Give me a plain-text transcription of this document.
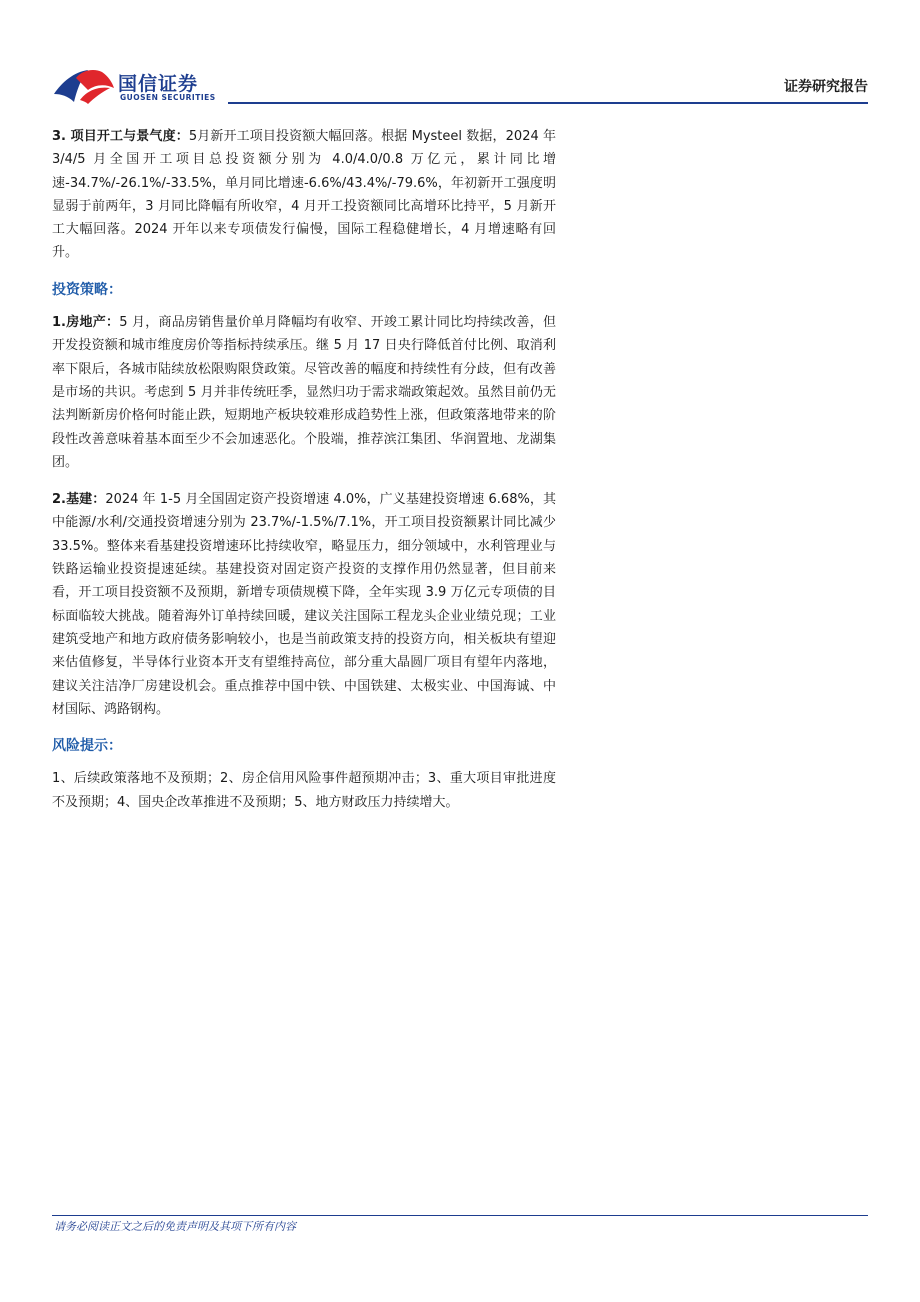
国信证券
GUOSEN SECURITIES
证券研究报告

3. 项目开工与景气度：5月新开工项目投资额大幅回落。根据 Mysteel 数据，2024 年 3/4/5 月全国开工项目总投资额分别为 4.0/4.0/0.8 万亿元，累计同比增速-34.7%/-26.1%/-33.5%，单月同比增速-6.6%/43.4%/-79.6%，年初新开工强度明显弱于前两年，3 月同比降幅有所收窄，4 月开工投资额同比高增环比持平，5 月新开工大幅回落。2024 开年以来专项债发行偏慢，国际工程稳健增长，4 月增速略有回升。

投资策略：

1.房地产：5 月，商品房销售量价单月降幅均有收窄、开竣工累计同比均持续改善，但开发投资额和城市维度房价等指标持续承压。继 5 月 17 日央行降低首付比例、取消利率下限后，各城市陆续放松限购限贷政策。尽管改善的幅度和持续性有分歧，但有改善是市场的共识。考虑到 5 月并非传统旺季，显然归功于需求端政策起效。虽然目前仍无法判断新房价格何时能止跌，短期地产板块较难形成趋势性上涨，但政策落地带来的阶段性改善意味着基本面至少不会加速恶化。个股端，推荐滨江集团、华润置地、龙湖集团。

2.基建：2024 年 1-5 月全国固定资产投资增速 4.0%，广义基建投资增速 6.68%，其中能源/水利/交通投资增速分别为 23.7%/-1.5%/7.1%，开工项目投资额累计同比减少 33.5%。整体来看基建投资增速环比持续收窄，略显压力，细分领域中，水利管理业与铁路运输业投资提速延续。基建投资对固定资产投资的支撑作用仍然显著，但目前来看，开工项目投资额不及预期，新增专项债规模下降，全年实现 3.9 万亿元专项债的目标面临较大挑战。随着海外订单持续回暖，建议关注国际工程龙头企业业绩兑现；工业建筑受地产和地方政府债务影响较小，也是当前政策支持的投资方向，相关板块有望迎来估值修复，半导体行业资本开支有望维持高位，部分重大晶圆厂项目有望年内落地，建议关注洁净厂房建设机会。重点推荐中国中铁、中国铁建、太极实业、中国海诚、中材国际、鸿路钢构。

风险提示：

1、后续政策落地不及预期；2、房企信用风险事件超预期冲击；3、重大项目审批进度不及预期；4、国央企改革推进不及预期；5、地方财政压力持续增大。

请务必阅读正文之后的免责声明及其项下所有内容
